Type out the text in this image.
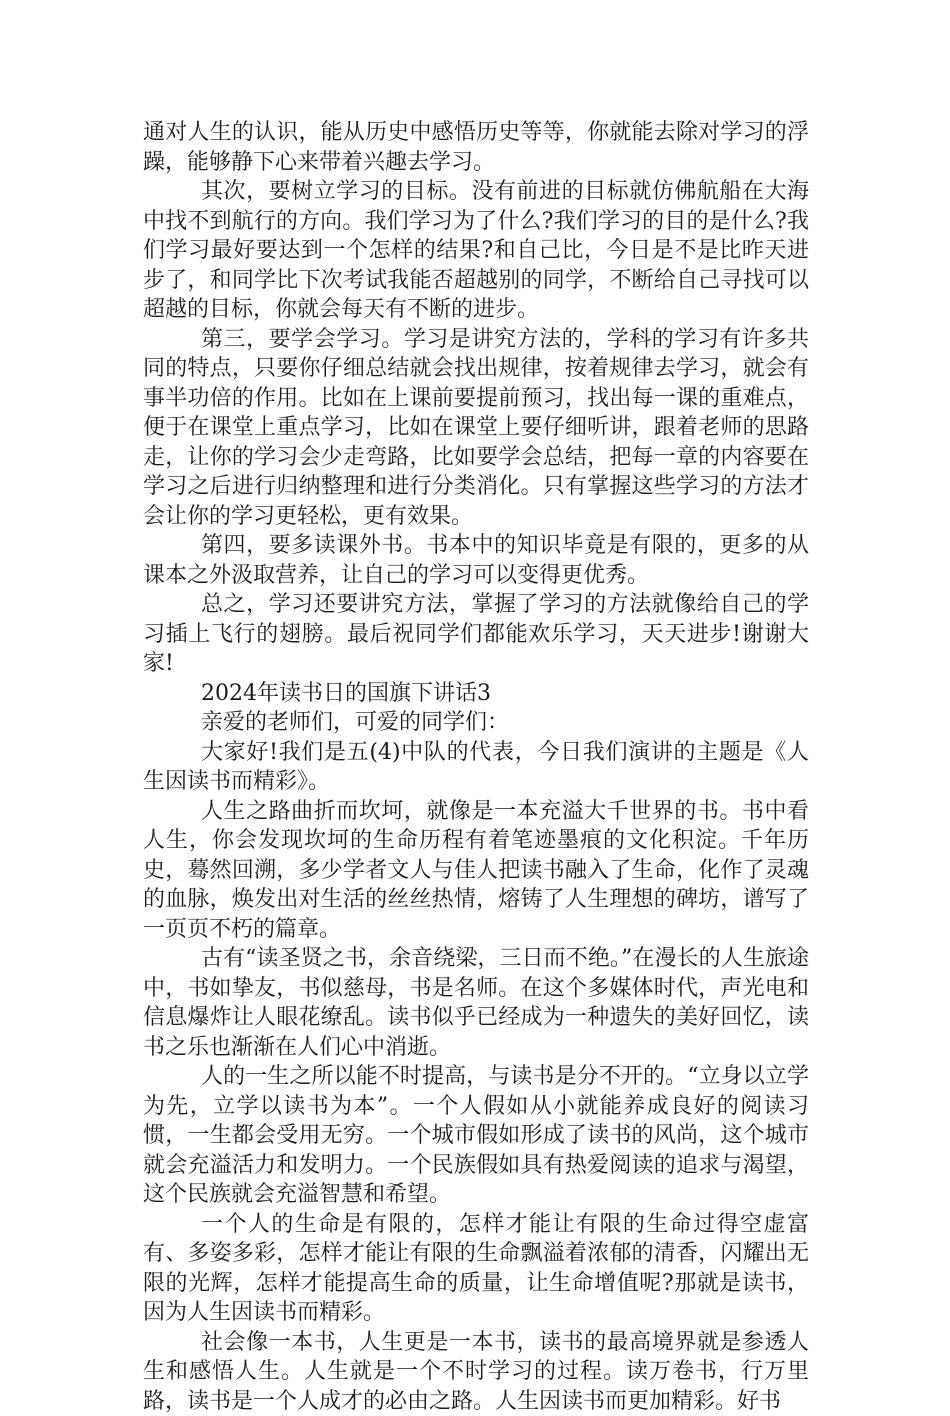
通对人生的认识，能从历史中感悟历史等等，你就能去除对学习的浮躁，能够静下心来带着兴趣去学习。

其次，要树立学习的目标。没有前进的目标就仿佛航船在大海中找不到航行的方向。我们学习为了什么?我们学习的目的是什么?我们学习最好要达到一个怎样的结果?和自己比，今日是不是比昨天进步了，和同学比下次考试我能否超越别的同学，不断给自己寻找可以超越的目标，你就会每天有不断的进步。

第三，要学会学习。学习是讲究方法的，学科的学习有许多共同的特点，只要你仔细总结就会找出规律，按着规律去学习，就会有事半功倍的作用。比如在上课前要提前预习，找出每一课的重难点，便于在课堂上重点学习，比如在课堂上要仔细听讲，跟着老师的思路走，让你的学习会少走弯路，比如要学会总结，把每一章的内容要在学习之后进行归纳整理和进行分类消化。只有掌握这些学习的方法才会让你的学习更轻松，更有效果。

第四，要多读课外书。书本中的知识毕竟是有限的，更多的从课本之外汲取营养，让自己的学习可以变得更优秀。

总之，学习还要讲究方法，掌握了学习的方法就像给自己的学习插上飞行的翅膀。最后祝同学们都能欢乐学习，天天进步!谢谢大家!

2024年读书日的国旗下讲话3

亲爱的老师们，可爱的同学们：

大家好!我们是五(4)中队的代表，今日我们演讲的主题是《人生因读书而精彩》。

人生之路曲折而坎坷，就像是一本充溢大千世界的书。书中看人生，你会发现坎坷的生命历程有着笔迹墨痕的文化积淀。千年历史，蓦然回溯，多少学者文人与佳人把读书融入了生命，化作了灵魂的血脉，焕发出对生活的丝丝热情，熔铸了人生理想的碑坊，谱写了一页页不朽的篇章。

古有“读圣贤之书，余音绕梁，三日而不绝。”在漫长的人生旅途中，书如挚友，书似慈母，书是名师。在这个多媒体时代，声光电和信息爆炸让人眼花缭乱。读书似乎已经成为一种遗失的美好回忆，读书之乐也渐渐在人们心中消逝。

人的一生之所以能不时提高，与读书是分不开的。“立身以立学为先，立学以读书为本”。一个人假如从小就能养成良好的阅读习惯，一生都会受用无穷。一个城市假如形成了读书的风尚，这个城市就会充溢活力和发明力。一个民族假如具有热爱阅读的追求与渴望，这个民族就会充溢智慧和希望。

一个人的生命是有限的，怎样才能让有限的生命过得空虚富有、多姿多彩，怎样才能让有限的生命飘溢着浓郁的清香，闪耀出无限的光辉，怎样才能提高生命的质量，让生命增值呢?那就是读书，因为人生因读书而精彩。

社会像一本书，人生更是一本书，读书的最高境界就是参透人生和感悟人生。人生就是一个不时学习的过程。读万卷书，行万里路，读书是一个人成才的必由之路。人生因读书而更加精彩。好书
